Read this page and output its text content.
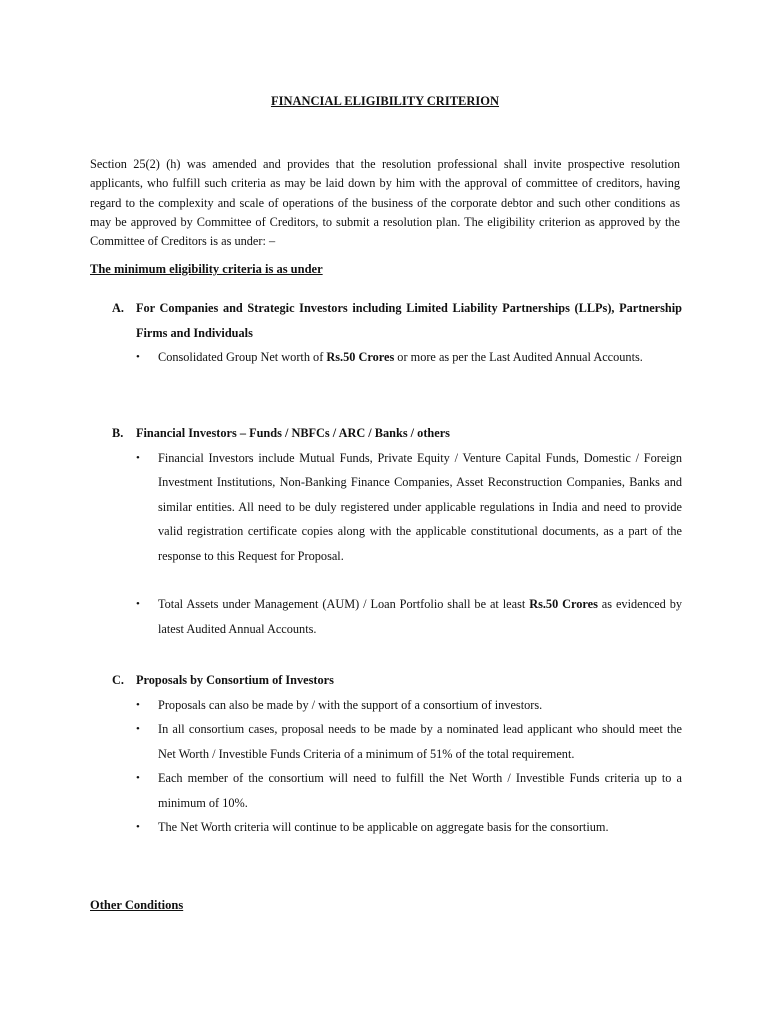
FINANCIAL ELIGIBILITY CRITERION

Section 25(2) (h) was amended and provides that the resolution professional shall invite prospective resolution applicants, who fulfill such criteria as may be laid down by him with the approval of committee of creditors, having regard to the complexity and scale of operations of the business of the corporate debtor and such other conditions as may be approved by Committee of Creditors, to submit a resolution plan. The eligibility criterion as approved by the Committee of Creditors is as under: –

The minimum eligibility criteria is as under

A. For Companies and Strategic Investors including Limited Liability Partnerships (LLPs), Partnership Firms and Individuals
• Consolidated Group Net worth of Rs.50 Crores or more as per the Last Audited Annual Accounts.
B.	Financial Investors – Funds / NBFCs / ARC / Banks / others
• Financial Investors include Mutual Funds, Private Equity / Venture Capital Funds, Domestic / Foreign Investment Institutions, Non-Banking Finance Companies, Asset Reconstruction Companies, Banks and similar entities. All need to be duly registered under applicable regulations in India and need to provide valid registration certificate copies along with the applicable constitutional documents, as a part of the response to this Request for Proposal.
• Total Assets under Management (AUM) / Loan Portfolio shall be at least Rs.50 Crores as evidenced by latest Audited Annual Accounts.
C. Proposals by Consortium of Investors
• Proposals can also be made by / with the support of a consortium of investors.
• In all consortium cases, proposal needs to be made by a nominated lead applicant who should meet the Net Worth / Investible Funds Criteria of a minimum of 51% of the total requirement.
• Each member of the consortium will need to fulfill the Net Worth / Investible Funds criteria up to a minimum of 10%.
• The Net Worth criteria will continue to be applicable on aggregate basis for the consortium.

Other Conditions
